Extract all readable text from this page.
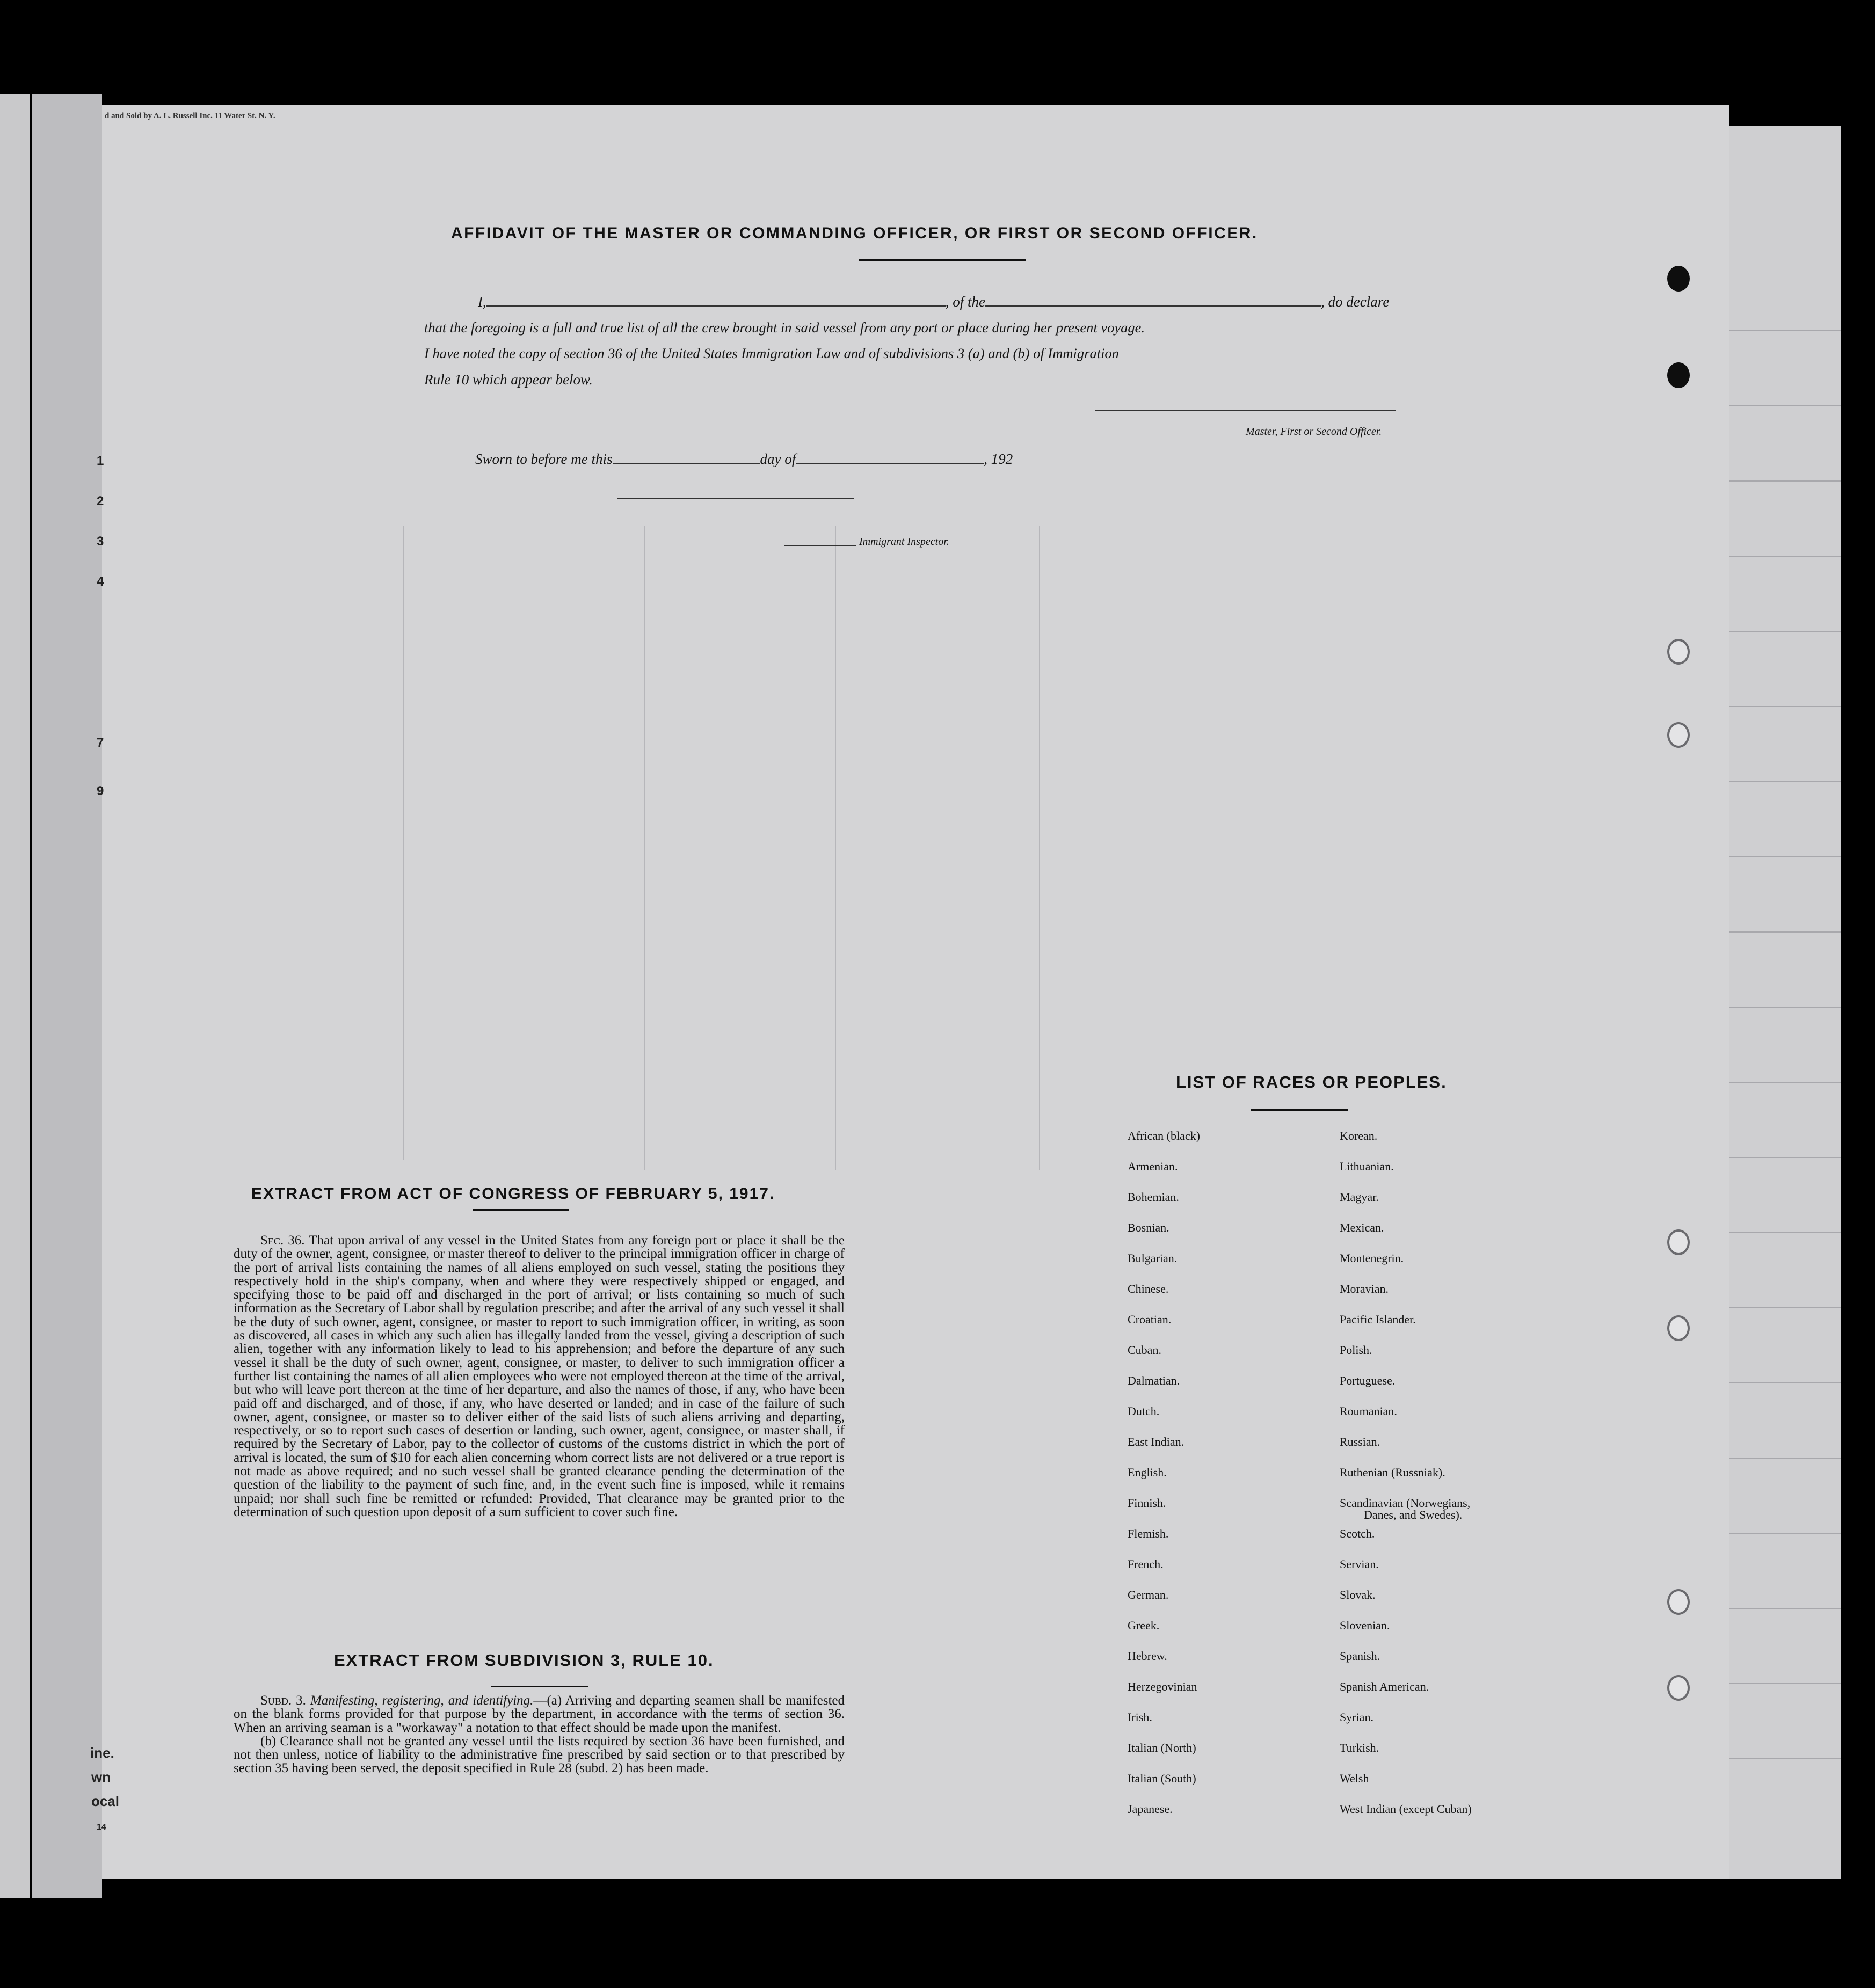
d and Sold by A. L. Russell Inc. 11 Water St. N. Y.
1
2
3
4
7
9
ine.
wn
ocal
14
AFFIDAVIT OF THE MASTER OR COMMANDING OFFICER, OR FIRST OR SECOND OFFICER.
I,	, of the	, do declare
that the foregoing is a full and true list of all the crew brought in said vessel from any port or place during her present voyage.
I have noted the copy of section 36 of the United States Immigration Law and of subdivisions 3 (a) and (b) of Immigration
Rule 10 which appear below.
Master, First or Second Officer.
Sworn to before me this	day of	, 192
Immigrant Inspector.
EXTRACT FROM ACT OF CONGRESS OF FEBRUARY 5, 1917.
Sec. 36. That upon arrival of any vessel in the United States from any foreign port or place it shall be the duty of the owner, agent, consignee, or master thereof to deliver to the principal immigration officer in charge of the port of arrival lists containing the names of all aliens employed on such vessel, stating the positions they respectively hold in the ship's company, when and where they were respectively shipped or engaged, and specifying those to be paid off and discharged in the port of arrival; or lists containing so much of such information as the Secretary of Labor shall by regulation prescribe; and after the arrival of any such vessel it shall be the duty of such owner, agent, consignee, or master to report to such immigration officer, in writing, as soon as discovered, all cases in which any such alien has illegally landed from the vessel, giving a description of such alien, together with any information likely to lead to his apprehension; and before the departure of any such vessel it shall be the duty of such owner, agent, consignee, or master, to deliver to such immigration officer a further list containing the names of all alien employees who were not employed thereon at the time of the arrival, but who will leave port thereon at the time of her departure, and also the names of those, if any, who have been paid off and discharged, and of those, if any, who have deserted or landed; and in case of the failure of such owner, agent, consignee, or master so to deliver either of the said lists of such aliens arriving and departing, respectively, or so to report such cases of desertion or landing, such owner, agent, consignee, or master shall, if required by the Secretary of Labor, pay to the collector of customs of the customs district in which the port of arrival is located, the sum of $10 for each alien concerning whom correct lists are not delivered or a true report is not made as above required; and no such vessel shall be granted clearance pending the determination of the question of the liability to the payment of such fine, and, in the event such fine is imposed, while it remains unpaid; nor shall such fine be remitted or refunded: Provided, That clearance may be granted prior to the determination of such question upon deposit of a sum sufficient to cover such fine.
EXTRACT FROM SUBDIVISION 3, RULE 10.
Subd. 3. Manifesting, registering, and identifying.—(a) Arriving and departing seamen shall be manifested on the blank forms provided for that purpose by the department, in accordance with the terms of section 36. When an arriving seaman is a "workaway" a notation to that effect should be made upon the manifest.
(b) Clearance shall not be granted any vessel until the lists required by section 36 have been furnished, and not then unless, notice of liability to the administrative fine prescribed by said section or to that prescribed by section 35 having been served, the deposit specified in Rule 28 (subd. 2) has been made.
LIST OF RACES OR PEOPLES.
African (black)
Armenian.
Bohemian.
Bosnian.
Bulgarian.
Chinese.
Croatian.
Cuban.
Dalmatian.
Dutch.
East Indian.
English.
Finnish.
Flemish.
French.
German.
Greek.
Hebrew.
Herzegovinian
Irish.
Italian (North)
Italian (South)
Japanese.
Korean.
Lithuanian.
Magyar.
Mexican.
Montenegrin.
Moravian.
Pacific Islander.
Polish.
Portuguese.
Roumanian.
Russian.
Ruthenian (Russniak).
Scandinavian (Norwegians,
Danes, and Swedes).
Scotch.
Servian.
Slovak.
Slovenian.
Spanish.
Spanish American.
Syrian.
Turkish.
Welsh
West Indian (except Cuban)
